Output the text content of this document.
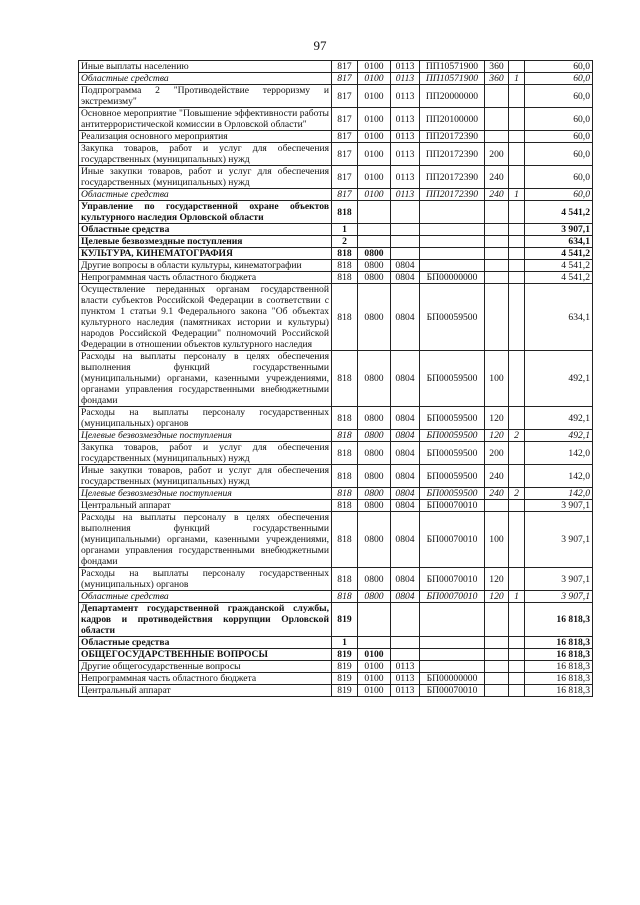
97
Иные выплаты населению	817	0100	0113	ПП10571900	360		60,0
Областные средства	817	0100	0113	ПП10571900	360	1	60,0
Подпрограмма 2 "Противодействие терроризму и экстремизму"	817	0100	0113	ПП20000000			60,0
Основное мероприятие "Повышение эффективности работы антитеррористической комиссии в Орловской области"	817	0100	0113	ПП20100000			60,0
Реализация основного мероприятия	817	0100	0113	ПП20172390			60,0
Закупка товаров, работ и услуг для обеспечения государственных (муниципальных) нужд	817	0100	0113	ПП20172390	200		60,0
Иные закупки товаров, работ и услуг для обеспечения государственных (муниципальных) нужд	817	0100	0113	ПП20172390	240		60,0
Областные средства	817	0100	0113	ПП20172390	240	1	60,0
Управление по государственной охране объектов культурного наследия Орловской области	818						4 541,2
Областные средства	1						3 907,1
Целевые безвозмездные поступления	2						634,1
КУЛЬТУРА, КИНЕМАТОГРАФИЯ	818	0800					4 541,2
Другие вопросы в области культуры, кинематографии	818	0800	0804				4 541,2
Непрограммная часть областного бюджета	818	0800	0804	БП00000000			4 541,2
Осуществление переданных органам государственной власти субъектов Российской Федерации в соответствии с пунктом 1 статьи 9.1 Федерального закона "Об объектах культурного наследия (памятниках истории и культуры) народов Российской Федерации" полномочий Российской Федерации в отношении объектов культурного наследия	818	0800	0804	БП00059500			634,1
Расходы на выплаты персоналу в целях обеспечения выполнения функций государственными (муниципальными) органами, казенными учреждениями, органами управления государственными внебюджетными фондами	818	0800	0804	БП00059500	100		492,1
Расходы на выплаты персоналу государственных (муниципальных) органов	818	0800	0804	БП00059500	120		492,1
Целевые безвозмездные поступления	818	0800	0804	БП00059500	120	2	492,1
Закупка товаров, работ и услуг для обеспечения государственных (муниципальных) нужд	818	0800	0804	БП00059500	200		142,0
Иные закупки товаров, работ и услуг для обеспечения государственных (муниципальных) нужд	818	0800	0804	БП00059500	240		142,0
Целевые безвозмездные поступления	818	0800	0804	БП00059500	240	2	142,0
Центральный аппарат	818	0800	0804	БП00070010			3 907,1
Расходы на выплаты персоналу в целях обеспечения выполнения функций государственными (муниципальными) органами, казенными учреждениями, органами управления государственными внебюджетными фондами	818	0800	0804	БП00070010	100		3 907,1
Расходы на выплаты персоналу государственных (муниципальных) органов	818	0800	0804	БП00070010	120		3 907,1
Областные средства	818	0800	0804	БП00070010	120	1	3 907,1
Департамент государственной гражданской службы, кадров и противодействия коррупции Орловской области	819						16 818,3
Областные средства	1						16 818,3
ОБЩЕГОСУДАРСТВЕННЫЕ ВОПРОСЫ	819	0100					16 818,3
Другие общегосударственные вопросы	819	0100	0113				16 818,3
Непрограммная часть областного бюджета	819	0100	0113	БП00000000			16 818,3
Центральный аппарат	819	0100	0113	БП00070010			16 818,3
